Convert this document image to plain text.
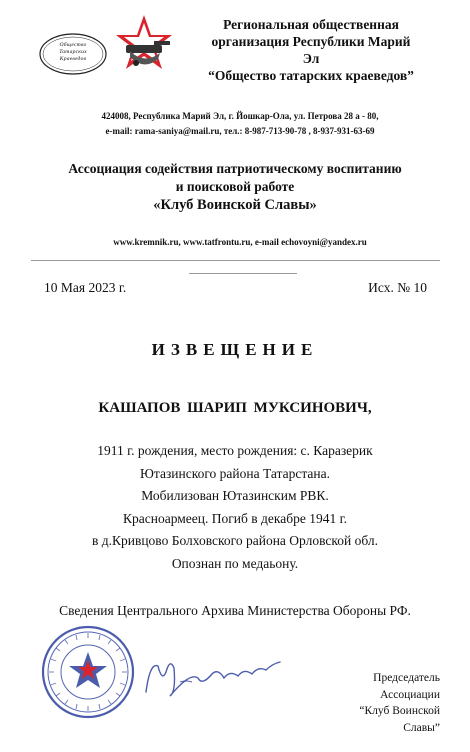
Общество
Татарских
Краеведов
Региональная общественная
организация Республики Марий
Эл
“Общество татарских краеведов”
424008, Республика Марий Эл, г. Йошкар-Ола, ул. Петрова 28 а - 80,
e-mail: rama-saniya@mail.ru, тел.: 8-987-713-90-78 , 8-937-931-63-69
Ассоциация содействия патриотическому воспитанию
и поисковой работе
«Клуб Воинской Славы»
www.kremnik.ru, www.tatfrontu.ru, e-mail echovoyni@yandex.ru
10 Мая 2023 г.	Исх. № 10
ИЗВЕЩЕНИЕ
КАШАПОВ ШАРИП МУКСИНОВИЧ,
1911 г. рождения, место рождения: с. Каразерик
Ютазинского района Татарстана.
Мобилизован Ютазинским РВК.
Красноармеец. Погиб в декабре 1941 г.
в д.Кривцово Болховского района Орловской обл.
Опознан по медаьону.
Сведения Центрального Архива Министерства Обороны РФ.
Председатель
Ассоциации
“Клуб Воинской
Славы”
